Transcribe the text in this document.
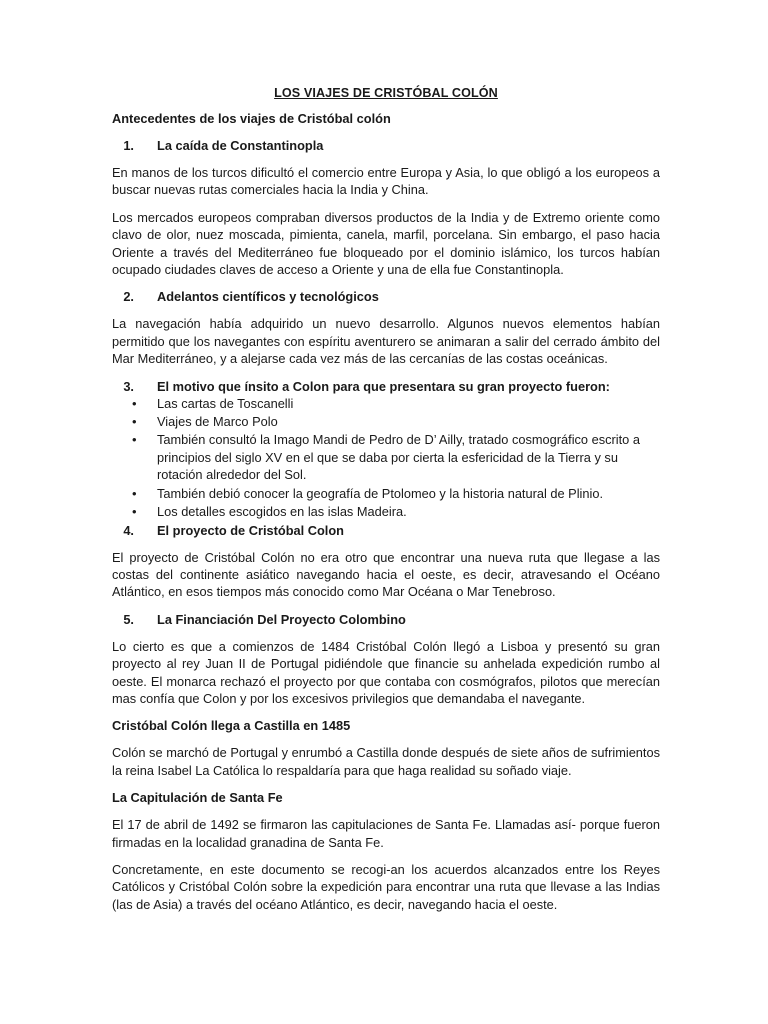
LOS VIAJES DE CRISTÓBAL COLÓN
Antecedentes de los viajes de Cristóbal colón
1. La caída de Constantinopla

En manos de los turcos dificultó el comercio entre Europa y Asia, lo que obligó a los europeos a buscar nuevas rutas comerciales hacia la India y China.

Los mercados europeos compraban diversos productos de la India y de Extremo oriente como clavo de olor, nuez moscada, pimienta, canela, marfil, porcelana. Sin embargo, el paso hacia Oriente a través del Mediterráneo fue bloqueado por el dominio islámico, los turcos habían ocupado ciudades claves de acceso a Oriente y una de ella fue Constantinopla.

2. Adelantos científicos y tecnológicos

La navegación había adquirido un nuevo desarrollo. Algunos nuevos elementos habían permitido que los navegantes con espíritu aventurero se animaran a salir del cerrado ámbito del Mar Mediterráneo, y a alejarse cada vez más de las cercanías de las costas oceánicas.

3. El motivo que ínsito a Colon para que presentara su gran proyecto fueron:
• Las cartas de Toscanelli
• Viajes de Marco Polo
• También consultó la Imago Mandi de Pedro de D’ Ailly, tratado cosmográfico escrito a principios del siglo XV en el que se daba por cierta la esfericidad de la Tierra y su rotación alrededor del Sol.
• También debió conocer la geografía de Ptolomeo y la historia natural de Plinio.
• Los detalles escogidos en las islas Madeira.
4. El proyecto de Cristóbal Colon

El proyecto de Cristóbal Colón no era otro que encontrar una nueva ruta que llegase a las costas del continente asiático navegando hacia el oeste, es decir, atravesando el Océano Atlántico, en esos tiempos más conocido como Mar Océana o Mar Tenebroso.

5. La Financiación Del Proyecto Colombino

Lo cierto es que a comienzos de 1484 Cristóbal Colón llegó a Lisboa y presentó su gran proyecto al rey Juan II de Portugal pidiéndole que financie su anhelada expedición rumbo al oeste. El monarca rechazó el proyecto por que contaba con cosmógrafos, pilotos que merecían mas confía que Colon y por los excesivos privilegios que demandaba el navegante.

Cristóbal Colón llega a Castilla en 1485

Colón se marchó de Portugal y enrumbó a Castilla donde después de siete años de sufrimientos la reina Isabel La Católica lo respaldaría para que haga realidad su soñado viaje.

La Capitulación de Santa Fe

El 17 de abril de 1492 se firmaron las capitulaciones de Santa Fe. Llamadas así- porque fueron firmadas en la localidad granadina de Santa Fe.

Concretamente, en este documento se recogi-an los acuerdos alcanzados entre los Reyes Católicos y Cristóbal Colón sobre la expedición para encontrar una ruta que llevase a las Indias (las de Asia) a través del océano Atlántico, es decir, navegando hacia el oeste.
